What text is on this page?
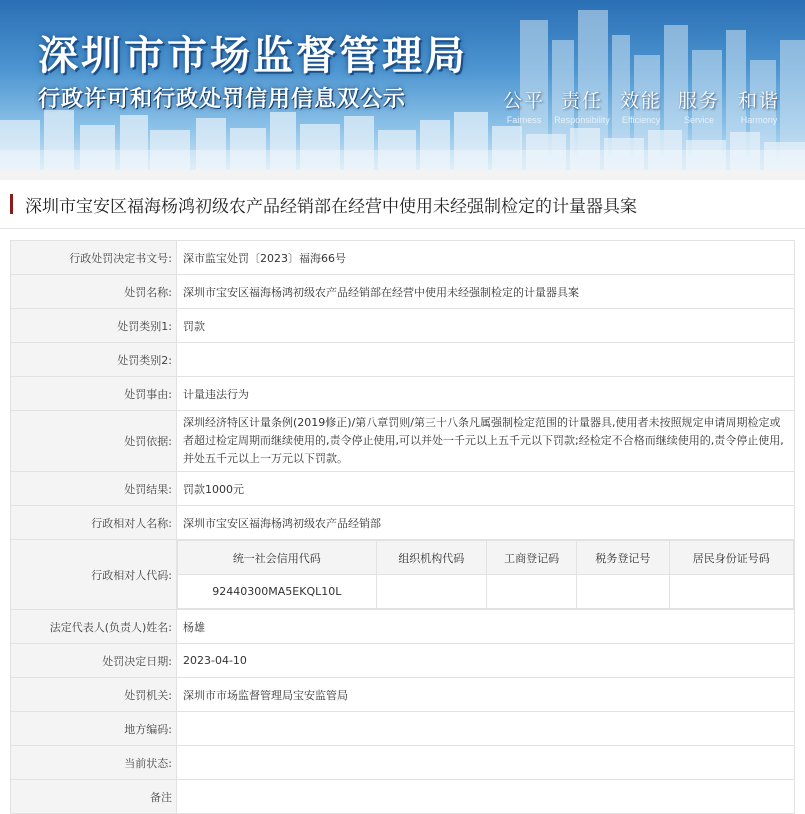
深圳市市场监督管理局
行政许可和行政处罚信用信息双公示	公平
Fairness
责任
Responsibility
效能
Efficiency
服务
Service
和谐
Harmony
深圳市宝安区福海杨鸿初级农产品经销部在经营中使用未经强制检定的计量器具案
行政处罚决定书文号:	深市监宝处罚〔2023〕福海66号
处罚名称:	深圳市宝安区福海杨鸿初级农产品经销部在经营中使用未经强制检定的计量器具案
处罚类别1:	罚款
处罚类别2:	
处罚事由:	计量违法行为
处罚依据:	深圳经济特区计量条例(2019修正)/第八章罚则/第三十八条凡属强制检定范围的计量器具,使用者未按照规定申请周期检定或者超过检定周期而继续使用的,责令停止使用,可以并处一千元以上五千元以下罚款;经检定不合格而继续使用的,责令停止使用,并处五千元以上一万元以下罚款。
处罚结果:	罚款1000元
行政相对人名称:	深圳市宝安区福海杨鸿初级农产品经销部
行政相对人代码:	
统一社会信用代码	组织机构代码	工商登记码	税务登记号	居民身份证号码
92440300MA5EKQL10L				

法定代表人(负责人)姓名:	杨雄
处罚决定日期:	2023-04-10
处罚机关:	深圳市市场监督管理局宝安监管局
地方编码:	
当前状态:	
备注	
